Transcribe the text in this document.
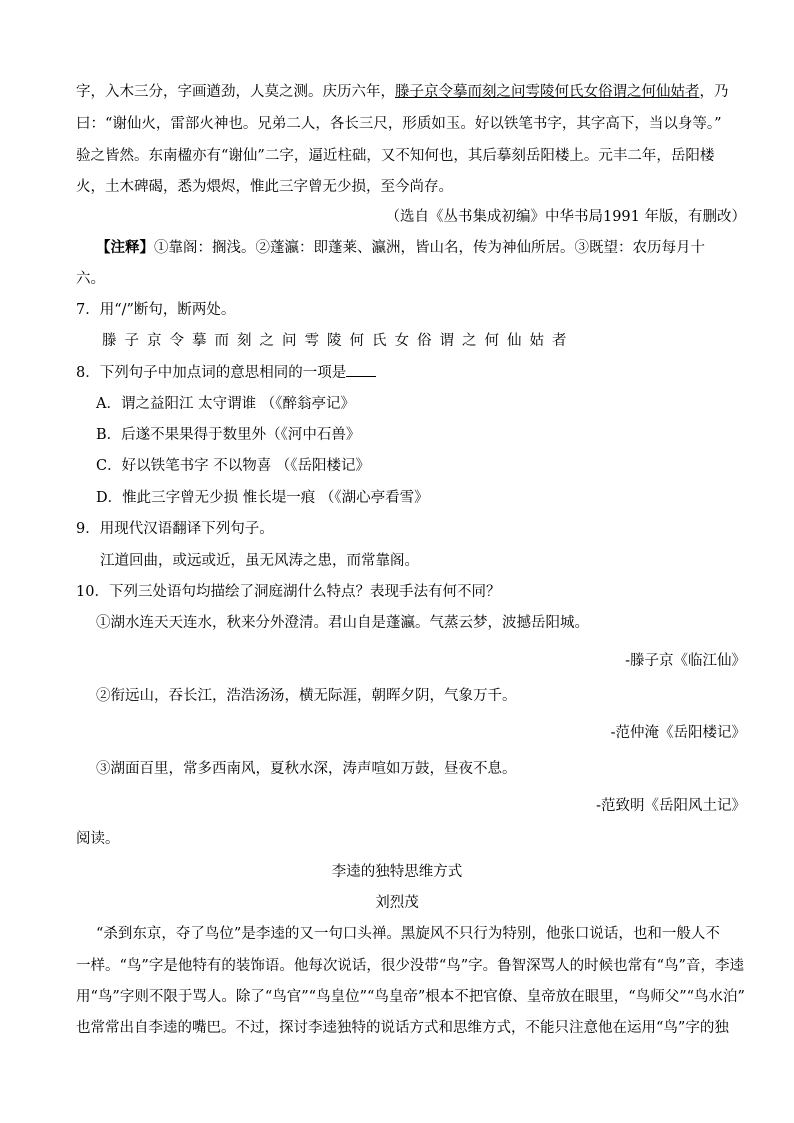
字，入木三分，字画遒劲，人莫之测。庆历六年，滕子京令摹而刻之问雩陵何氏女俗谓之何仙姑者，乃
曰：“谢仙火，雷部火神也。兄弟二人，各长三尺，形质如玉。好以铁笔书字，其字高下，当以身等。”
验之皆然。东南楹亦有“谢仙”二字，逼近柱础，又不知何也，其后摹刻岳阳楼上。元丰二年，岳阳楼
火，土木碑碣，悉为煨烬，惟此三字曾无少损，至今尚存。
（选自《丛书集成初编》中华书局1991 年版，有删改）
【注释】①靠阁：搁浅。②蓬瀛：即蓬莱、瀛洲，皆山名，传为神仙所居。③既望：农历每月十
六。
7．用“/”断句，断两处。
滕子京令摹而刻之问雩陵何氏女俗谓之何仙姑者
8．下列句子中加点词的意思相同的一项是
A．谓之益阳江 太守谓谁 （《醉翁亭记》
B．后遂不果果得于数里外（《河中石兽》
C．好以铁笔书字 不以物喜 （《岳阳楼记》
D．惟此三字曾无少损 惟长堤一痕 （《湖心亭看雪》
9．用现代汉语翻译下列句子。
江道回曲，或远或近，虽无风涛之患，而常靠阁。
10．下列三处语句均描绘了洞庭湖什么特点？表现手法有何不同？
①湖水连天天连水，秋来分外澄清。君山自是蓬瀛。气蒸云梦，波撼岳阳城。
-滕子京《临江仙》
②衔远山，吞长江，浩浩汤汤，横无际涯，朝晖夕阴，气象万千。
-范仲淹《岳阳楼记》
③湖面百里，常多西南风，夏秋水深，涛声喧如万鼓，昼夜不息。
-范致明《岳阳风土记》
阅读。
李逵的独特思维方式
刘烈茂
“杀到东京，夺了鸟位”是李逵的又一句口头禅。黑旋风不只行为特别，他张口说话，也和一般人不
一样。“鸟”字是他特有的装饰语。他每次说话，很少没带“鸟”字。鲁智深骂人的时候也常有“鸟”音，李逵
用“鸟”字则不限于骂人。除了“鸟官”“鸟皇位”“鸟皇帝”根本不把官僚、皇帝放在眼里，“鸟师父”“鸟水泊”
也常常出自李逵的嘴巴。不过，探讨李逵独特的说话方式和思维方式，不能只注意他在运用“鸟”字的独
